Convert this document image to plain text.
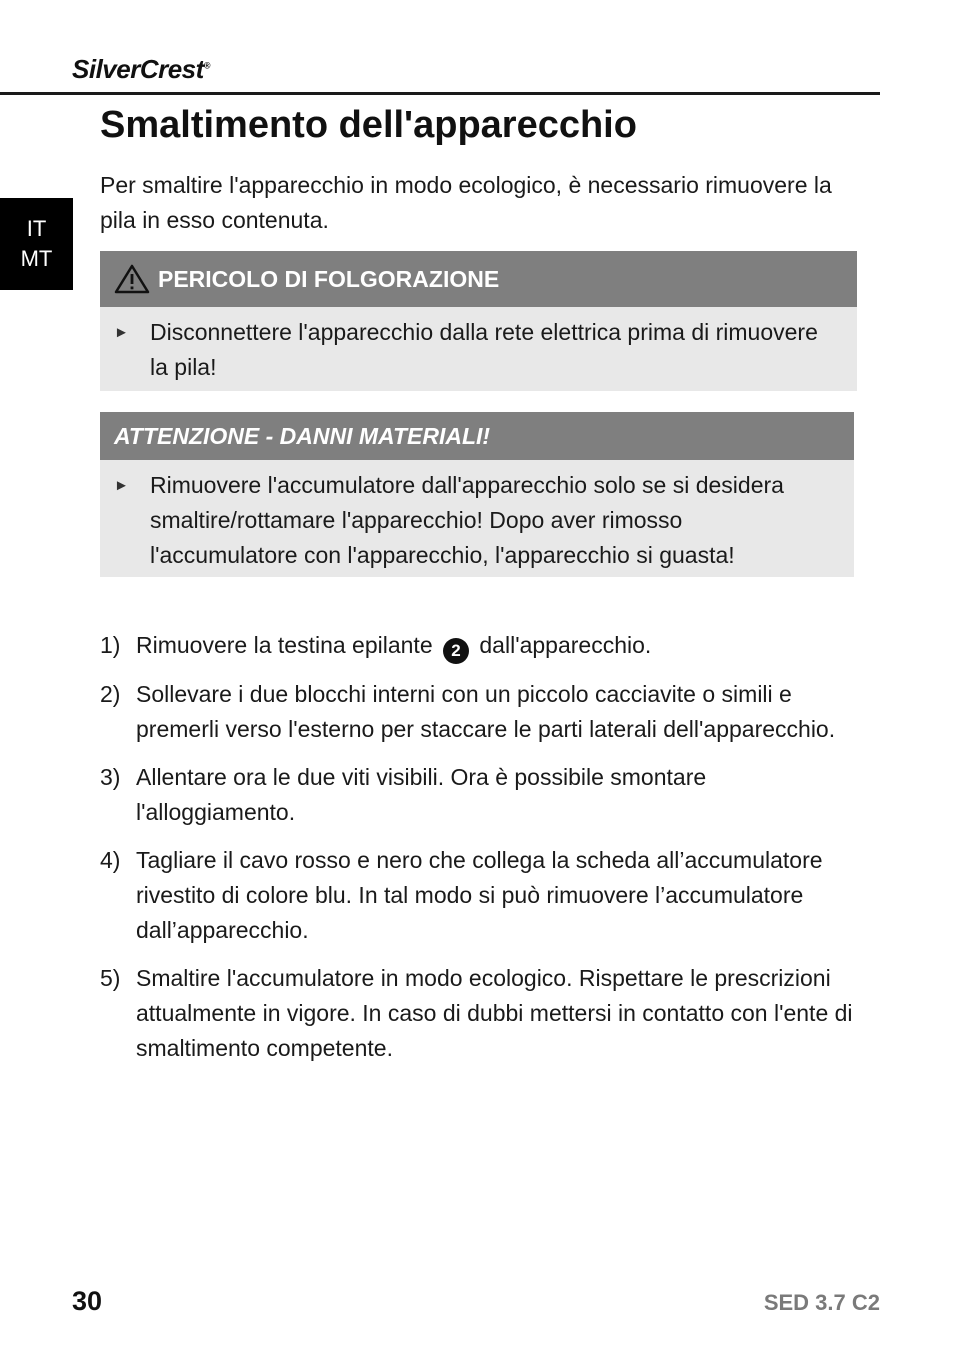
SilverCrest®
IT
MT
Smaltimento dell'apparecchio

Per smaltire l'apparecchio in modo ecologico, è necessario rimuovere la pila in esso contenuta.

PERICOLO DI FOLGORAZIONE
► Disconnettere l'apparecchio dalla rete elettrica prima di rimuovere la pila!
ATTENZIONE - DANNI MATERIALI!
► Rimuovere l'accumulatore dall'apparecchio solo se si desidera smaltire/rottamare l'apparecchio! Dopo aver rimosso l'accumulatore con l'apparecchio, l'apparecchio si guasta!
1) Rimuovere la testina epilante 2 dall'apparecchio.
2) Sollevare i due blocchi interni con un piccolo cacciavite o simili e premerli verso l'esterno per staccare le parti laterali dell'apparecchio.
3) Allentare ora le due viti visibili. Ora è possibile smontare l'alloggiamento.
4) Tagliare il cavo rosso e nero che collega la scheda all’accumulatore rivestito di colore blu. In tal modo si può rimuovere l’accumulatore dall’apparecchio.
5) Smaltire l'accumulatore in modo ecologico. Rispettare le prescrizioni attualmente in vigore. In caso di dubbi mettersi in contatto con l'ente di smaltimento competente.
30	SED 3.7 C2
